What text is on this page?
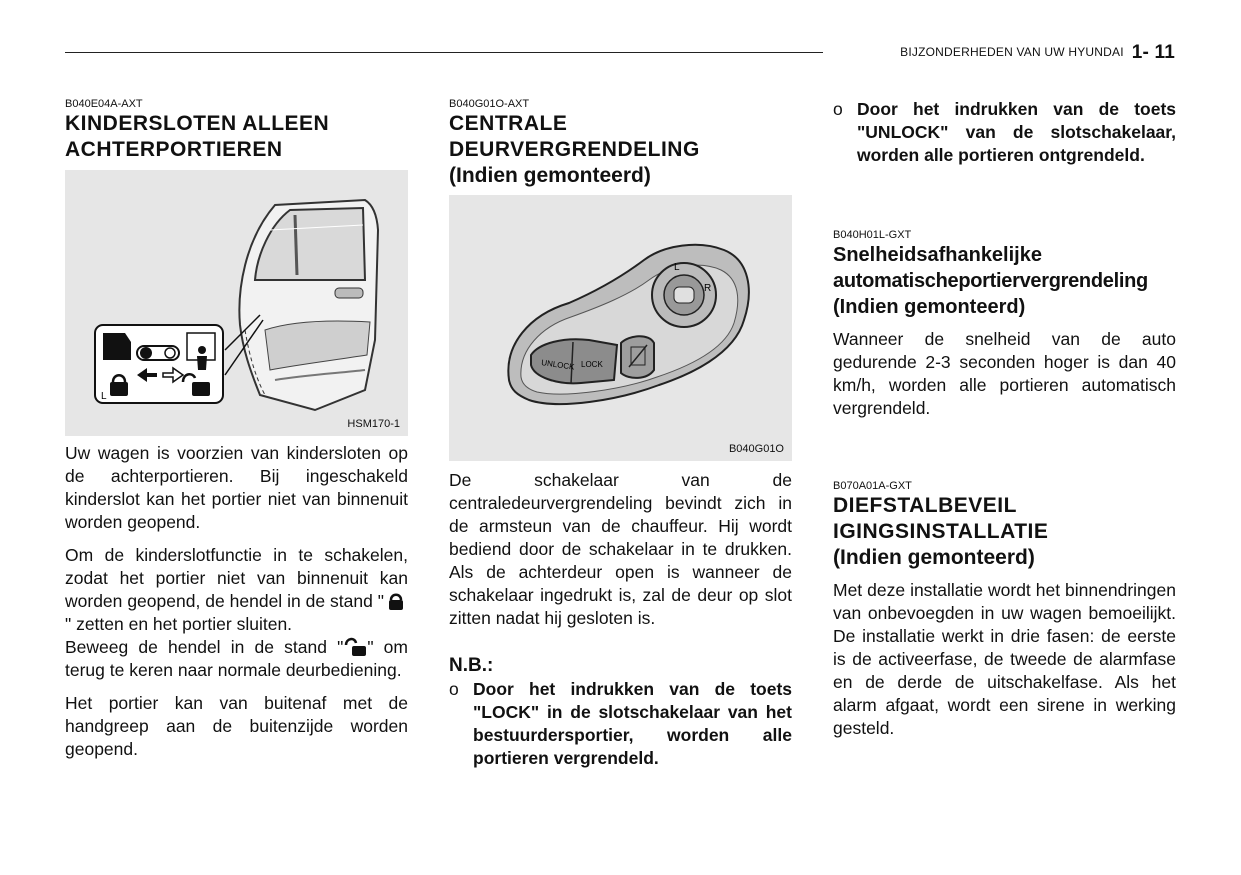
BIJZONDERHEDEN VAN UW HYUNDAI 1- 11
B040E04A-AXT
KINDERSLOTEN ALLEEN
ACHTERPORTIEREN
L
HSM170-1

Uw wagen is voorzien van kindersloten op de achterportieren. Bij ingeschakeld kinderslot kan het portier niet van binnenuit worden geopend.

Om de kinderslotfunctie in te schakelen, zodat het portier niet van binnenuit kan worden geopend, de hendel in de stand "" zetten en het portier sluiten.

Beweeg de hendel in de stand " " om terug te keren naar normale deurbediening.

Het portier kan van buitenaf met de handgreep aan de buitenzijde worden geopend.

B040G01O-AXT
CENTRALE
DEURVERGRENDELING
(Indien gemonteerd)
L
R
UNLOCK LOCK
B040G01O

De schakelaar van de centraledeurvergrendeling bevindt zich in de armsteun van de chauffeur. Hij wordt bediend door de schakelaar in te drukken. Als de achterdeur open is wanneer de schakelaar ingedrukt is, zal de deur op slot zitten nadat hij gesloten is.

N.B.:
o Door het indrukken van de toets "LOCK" in de slotschakelaar van het bestuurdersportier, worden alle portieren vergrendeld.
o Door het indrukken van de toets "UNLOCK" van de slotschakelaar, worden alle portieren ontgrendeld.
B040H01L-GXT
Snelheidsafhankelijke
automatischeportiervergrendeling
(Indien gemonteerd)

Wanneer de snelheid van de auto gedurende 2-3 seconden hoger is dan 40 km/h, worden alle portieren automatisch vergrendeld.

B070A01A-GXT
DIEFSTALBEVEIL
IGINGSINSTALLATIE
(Indien gemonteerd)

Met deze installatie wordt het binnendringen van onbevoegden in uw wagen bemoeilijkt. De installatie werkt in drie fasen: de eerste is de activeerfase, de tweede de alarmfase en de derde de uitschakelfase. Als het alarm afgaat, wordt een sirene in werking gesteld.
